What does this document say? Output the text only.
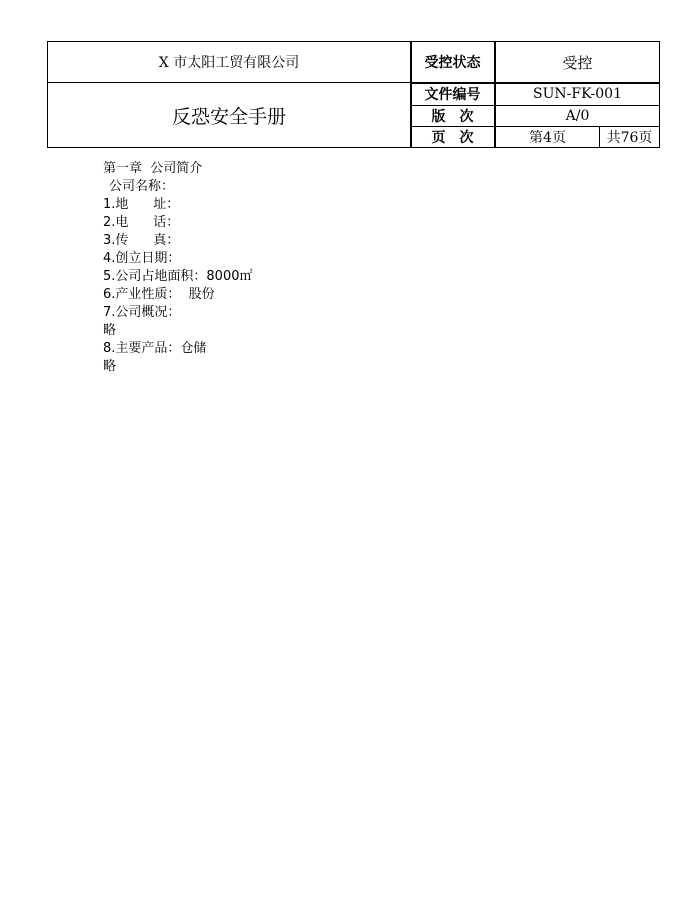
X 市太阳工贸有限公司
反恐安全手册
受控状态	受控
文件编号	SUN-FK-001
版　次	A/0
页　次	第4页	共76页
第一章  公司简介
公司名称：
1.地      址：
2.电      话：
3.传      真：
4.创立日期：
5.公司占地面积：8000㎡
6.产业性质：  股份
7.公司概况：
略
8.主要产品：仓储
略
